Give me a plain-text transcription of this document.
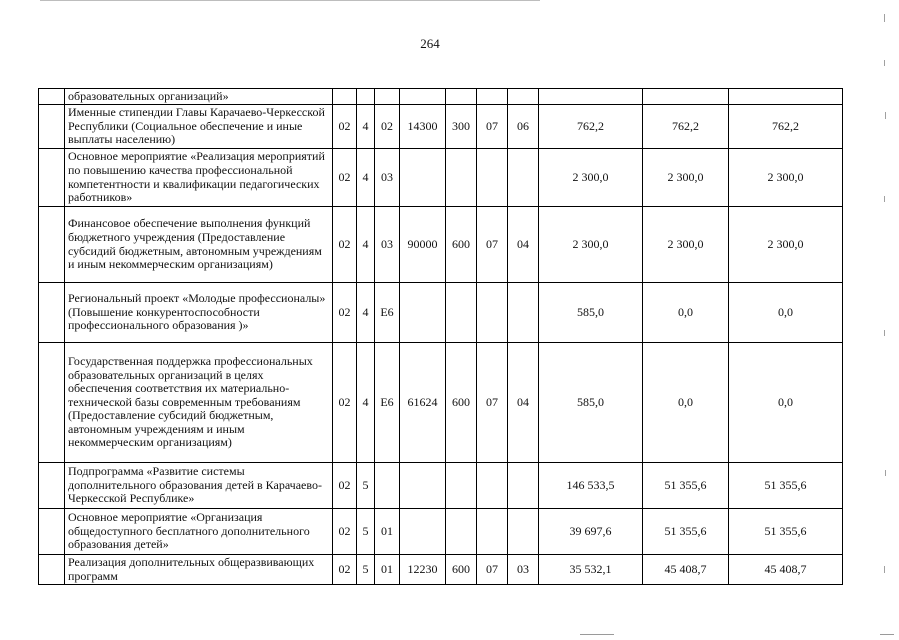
264
	образовательных организаций»										
	Именные стипендии Главы Карачаево-Черкесской Республики (Социальное обеспечение и иные выплаты населению)	02	4	02	14300	300	07	06	762,2	762,2	762,2
	Основное мероприятие «Реализация мероприятий по повышению качества профессиональной компетентности и квалификации педагогических работников»	02	4	03					2 300,0	2 300,0	2 300,0
	Финансовое обеспечение выполнения функций бюджетного учреждения (Предоставление субсидий бюджетным, автономным учреждениям и иным некоммерческим организациям)	02	4	03	90000	600	07	04	2 300,0	2 300,0	2 300,0
	Региональный проект «Молодые профессионалы» (Повышение конкурентоспособности профессионального образования )»	02	4	E6					585,0	0,0	0,0
	Государственная поддержка профессиональных образовательных организаций в целях обеспечения соответствия их материально-технической базы современным требованиям (Предоставление субсидий бюджетным, автономным учреждениям и иным некоммерческим организациям)	02	4	E6	61624	600	07	04	585,0	0,0	0,0
	Подпрограмма «Развитие системы дополнительного образования детей в Карачаево-Черкесской Республике»	02	5						146 533,5	51 355,6	51 355,6
	Основное мероприятие «Организация общедоступного бесплатного дополнительного образования детей»	02	5	01					39 697,6	51 355,6	51 355,6
	Реализация дополнительных общеразвивающих программ	02	5	01	12230	600	07	03	35 532,1	45 408,7	45 408,7
